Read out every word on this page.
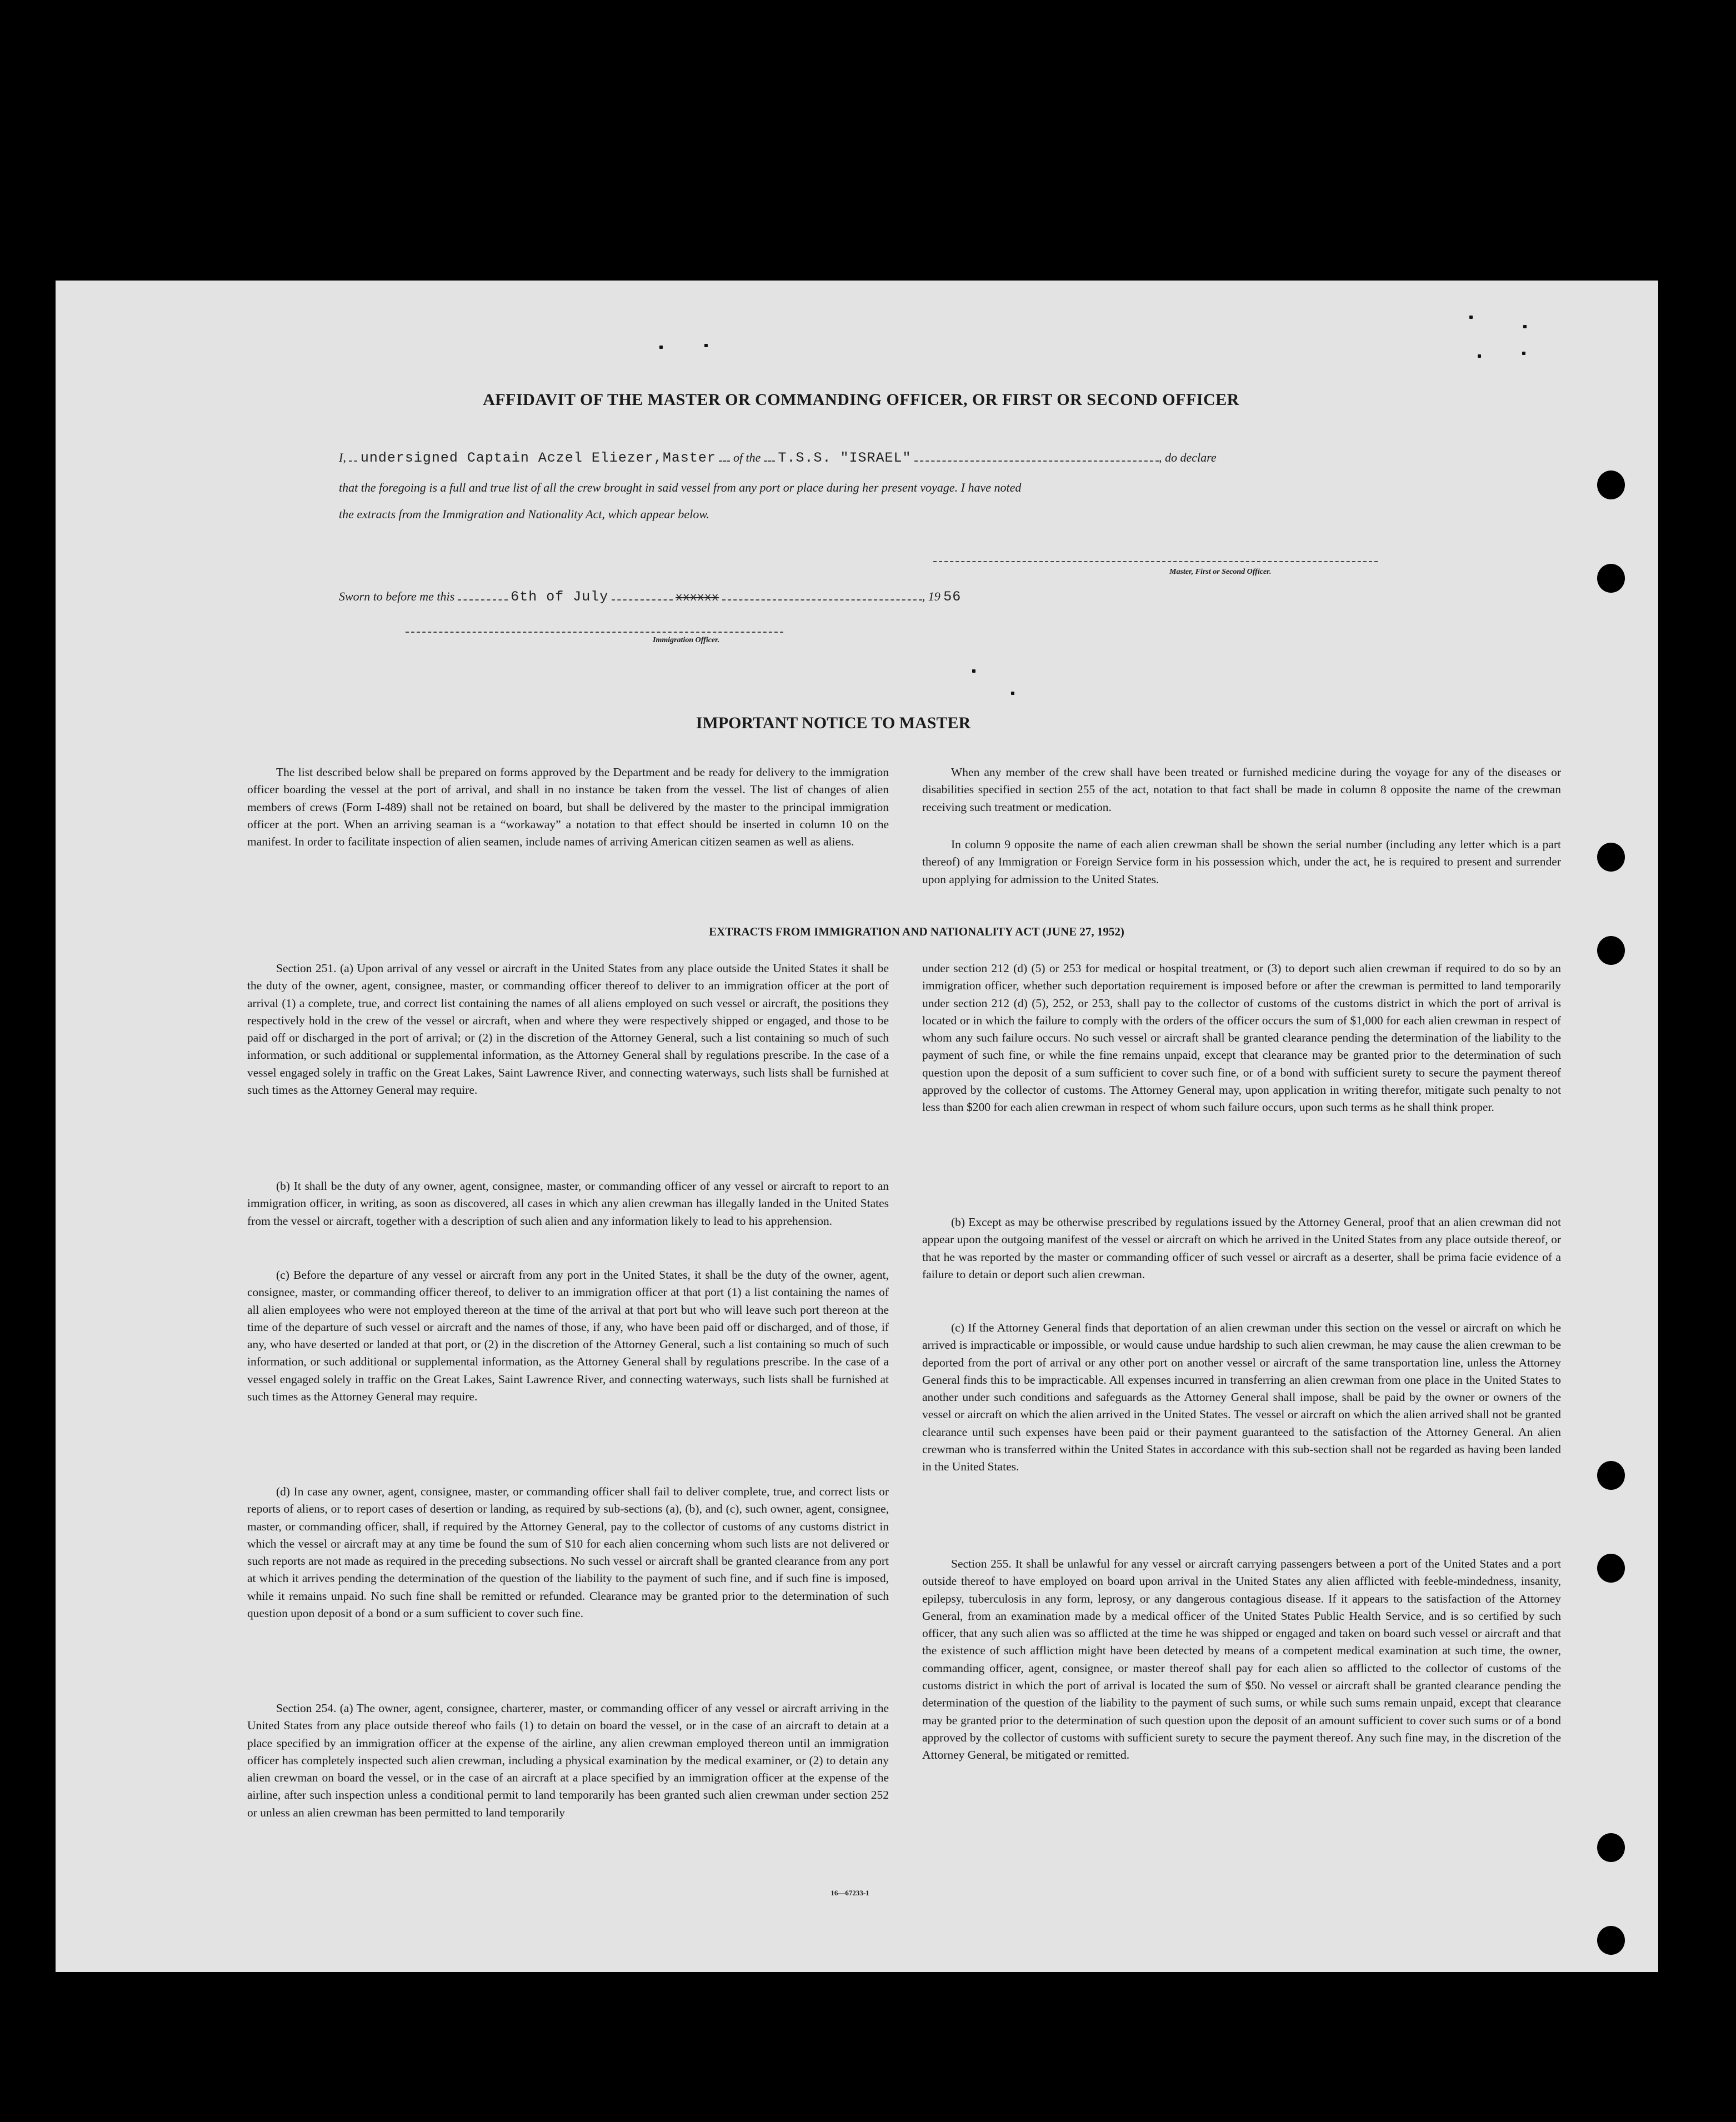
AFFIDAVIT OF THE MASTER OR COMMANDING OFFICER, OR FIRST OR SECOND OFFICER
I, undersigned Captain Aczel Eliezer,Master of the T.S.S. "ISRAEL"	, do declare
that the foregoing is a full and true list of all the crew brought in said vessel from any port or place during her present voyage. I have noted
the extracts from the Immigration and Nationality Act, which appear below.
Master, First or Second Officer.
Sworn to before me this	6th of July	xxxxxx	, 19 56
Immigration Officer.
IMPORTANT NOTICE TO MASTER

The list described below shall be prepared on forms approved by the Department and be ready for delivery to the immigration officer boarding the vessel at the port of arrival, and shall in no instance be taken from the vessel. The list of changes of alien members of crews (Form I-489) shall not be retained on board, but shall be delivered by the master to the principal immigration officer at the port. When an arriving seaman is a “workaway” a notation to that effect should be inserted in column 10 on the manifest. In order to facilitate inspection of alien seamen, include names of arriving American citizen seamen as well as aliens.

When any member of the crew shall have been treated or furnished medicine during the voyage for any of the diseases or disabilities specified in section 255 of the act, notation to that fact shall be made in column 8 opposite the name of the crewman receiving such treatment or medication.

In column 9 opposite the name of each alien crewman shall be shown the serial number (including any letter which is a part thereof) of any Immigration or Foreign Service form in his possession which, under the act, he is required to present and surrender upon applying for admission to the United States.

EXTRACTS FROM IMMIGRATION AND NATIONALITY ACT (JUNE 27, 1952)

Section 251. (a) Upon arrival of any vessel or aircraft in the United States from any place outside the United States it shall be the duty of the owner, agent, consignee, master, or commanding officer thereof to deliver to an immigration officer at the port of arrival (1) a complete, true, and correct list containing the names of all aliens employed on such vessel or aircraft, the positions they respectively hold in the crew of the vessel or aircraft, when and where they were respectively shipped or engaged, and those to be paid off or discharged in the port of arrival; or (2) in the discretion of the Attorney General, such a list containing so much of such information, or such additional or supplemental information, as the Attorney General shall by regulations prescribe. In the case of a vessel engaged solely in traffic on the Great Lakes, Saint Lawrence River, and connecting waterways, such lists shall be furnished at such times as the Attorney General may require.

(b) It shall be the duty of any owner, agent, consignee, master, or commanding officer of any vessel or aircraft to report to an immigration officer, in writing, as soon as discovered, all cases in which any alien crewman has illegally landed in the United States from the vessel or aircraft, together with a description of such alien and any information likely to lead to his apprehension.

(c) Before the departure of any vessel or aircraft from any port in the United States, it shall be the duty of the owner, agent, consignee, master, or commanding officer thereof, to deliver to an immigration officer at that port (1) a list containing the names of all alien employees who were not employed thereon at the time of the arrival at that port but who will leave such port thereon at the time of the departure of such vessel or aircraft and the names of those, if any, who have been paid off or discharged, and of those, if any, who have deserted or landed at that port, or (2) in the discretion of the Attorney General, such a list containing so much of such information, or such additional or supplemental information, as the Attorney General shall by regulations prescribe. In the case of a vessel engaged solely in traffic on the Great Lakes, Saint Lawrence River, and connecting waterways, such lists shall be furnished at such times as the Attorney General may require.

(d) In case any owner, agent, consignee, master, or commanding officer shall fail to deliver complete, true, and correct lists or reports of aliens, or to report cases of desertion or landing, as required by sub-sections (a), (b), and (c), such owner, agent, consignee, master, or commanding officer, shall, if required by the Attorney General, pay to the collector of customs of any customs district in which the vessel or aircraft may at any time be found the sum of $10 for each alien concerning whom such lists are not delivered or such reports are not made as required in the preceding subsections. No such vessel or aircraft shall be granted clearance from any port at which it arrives pending the determination of the question of the liability to the payment of such fine, and if such fine is imposed, while it remains unpaid. No such fine shall be remitted or refunded. Clearance may be granted prior to the determination of such question upon deposit of a bond or a sum sufficient to cover such fine.

Section 254. (a) The owner, agent, consignee, charterer, master, or commanding officer of any vessel or aircraft arriving in the United States from any place outside thereof who fails (1) to detain on board the vessel, or in the case of an aircraft to detain at a place specified by an immigration officer at the expense of the airline, any alien crewman employed thereon until an immigration officer has completely inspected such alien crewman, including a physical examination by the medical examiner, or (2) to detain any alien crewman on board the vessel, or in the case of an aircraft at a place specified by an immigration officer at the expense of the airline, after such inspection unless a conditional permit to land temporarily has been granted such alien crewman under section 252 or unless an alien crewman has been permitted to land temporarily

under section 212 (d) (5) or 253 for medical or hospital treatment, or (3) to deport such alien crewman if required to do so by an immigration officer, whether such deportation requirement is imposed before or after the crewman is permitted to land temporarily under section 212 (d) (5), 252, or 253, shall pay to the collector of customs of the customs district in which the port of arrival is located or in which the failure to comply with the orders of the officer occurs the sum of $1,000 for each alien crewman in respect of whom any such failure occurs. No such vessel or aircraft shall be granted clearance pending the determination of the liability to the payment of such fine, or while the fine remains unpaid, except that clearance may be granted prior to the determination of such question upon the deposit of a sum sufficient to cover such fine, or of a bond with sufficient surety to secure the payment thereof approved by the collector of customs. The Attorney General may, upon application in writing therefor, mitigate such penalty to not less than $200 for each alien crewman in respect of whom such failure occurs, upon such terms as he shall think proper.

(b) Except as may be otherwise prescribed by regulations issued by the Attorney General, proof that an alien crewman did not appear upon the outgoing manifest of the vessel or aircraft on which he arrived in the United States from any place outside thereof, or that he was reported by the master or commanding officer of such vessel or aircraft as a deserter, shall be prima facie evidence of a failure to detain or deport such alien crewman.

(c) If the Attorney General finds that deportation of an alien crewman under this section on the vessel or aircraft on which he arrived is impracticable or impossible, or would cause undue hardship to such alien crewman, he may cause the alien crewman to be deported from the port of arrival or any other port on another vessel or aircraft of the same transportation line, unless the Attorney General finds this to be impracticable. All expenses incurred in transferring an alien crewman from one place in the United States to another under such conditions and safeguards as the Attorney General shall impose, shall be paid by the owner or owners of the vessel or aircraft on which the alien arrived in the United States. The vessel or aircraft on which the alien arrived shall not be granted clearance until such expenses have been paid or their payment guaranteed to the satisfaction of the Attorney General. An alien crewman who is transferred within the United States in accordance with this sub-section shall not be regarded as having been landed in the United States.

Section 255. It shall be unlawful for any vessel or aircraft carrying passengers between a port of the United States and a port outside thereof to have employed on board upon arrival in the United States any alien afflicted with feeble-mindedness, insanity, epilepsy, tuberculosis in any form, leprosy, or any dangerous contagious disease. If it appears to the satisfaction of the Attorney General, from an examination made by a medical officer of the United States Public Health Service, and is so certified by such officer, that any such alien was so afflicted at the time he was shipped or engaged and taken on board such vessel or aircraft and that the existence of such affliction might have been detected by means of a competent medical examination at such time, the owner, commanding officer, agent, consignee, or master thereof shall pay for each alien so afflicted to the collector of customs of the customs district in which the port of arrival is located the sum of $50. No vessel or aircraft shall be granted clearance pending the determination of the question of the liability to the payment of such sums, or while such sums remain unpaid, except that clearance may be granted prior to the determination of such question upon the deposit of an amount sufficient to cover such sums or of a bond approved by the collector of customs with sufficient surety to secure the payment thereof. Any such fine may, in the discretion of the Attorney General, be mitigated or remitted.

16—67233-1
